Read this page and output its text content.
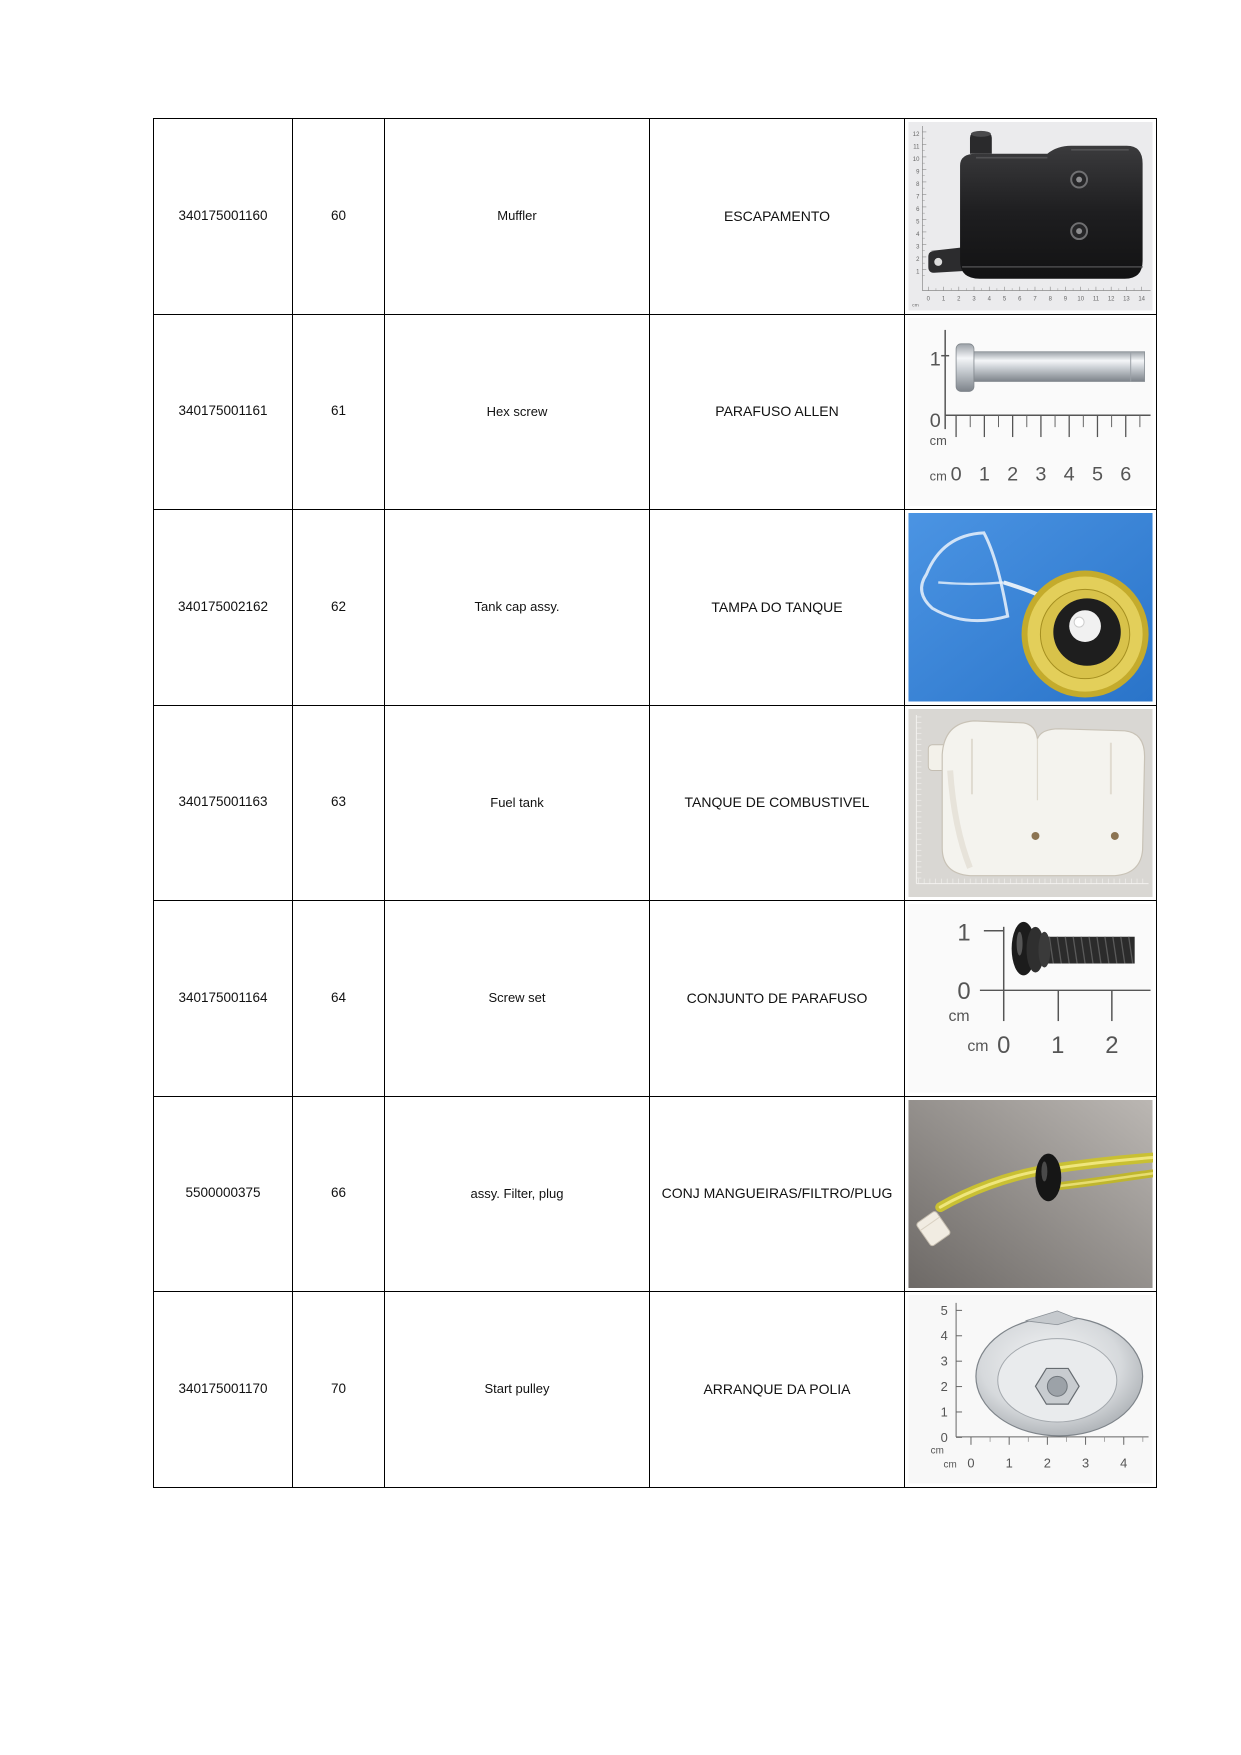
340175001160	60	Muffler	ESCAPAMENTO
12
11
10
9
8
7
6
5
4
3
2
1
0 1 2 3 4 5 6 7 8 9 10 11 12 13 14
cm
340175001161	61	Hex screw	PARAFUSO ALLEN
1
0
0 1 2 3 4 5 6
cm
cm
340175002162	62	Tank cap assy.	TAMPA DO TANQUE
340175001163	63	Fuel tank	TANQUE DE COMBUSTIVEL
340175001164	64	Screw set	CONJUNTO DE PARAFUSO
1
0
0 1 2
cm
cm
5500000375	66	assy. Filter, plug	CONJ MANGUEIRAS/FILTRO/PLUG
340175001170	70	Start pulley	ARRANQUE DA POLIA
5
4
3
2
1
0
0 1 2 3 4
cm
cm
